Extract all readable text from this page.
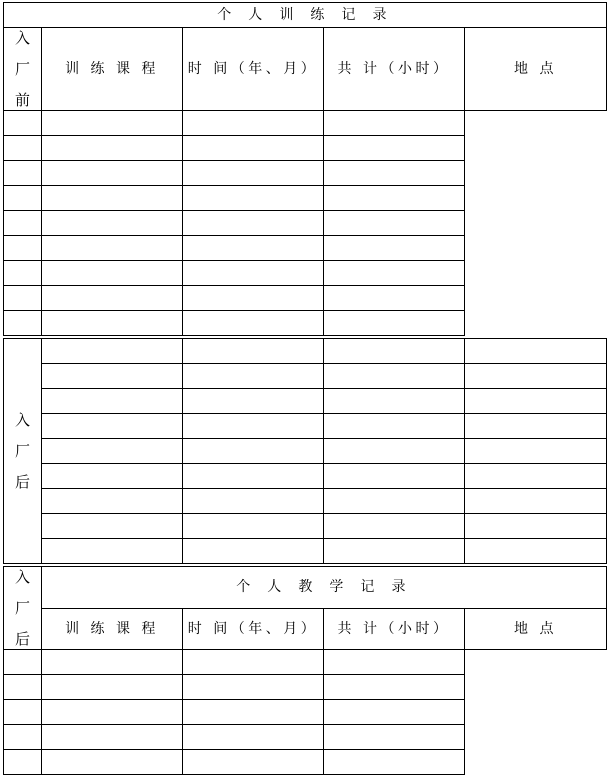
个 人 训 练 记 录				

入
厂
前	训 练 课 程	时 间（年、月）	共 计（小时）	地 点

入
厂
后				

入
厂
后	个 人 教 学 记 录			
	训 练 课 程	时 间（年、月）	共 计（小时）	地 点
